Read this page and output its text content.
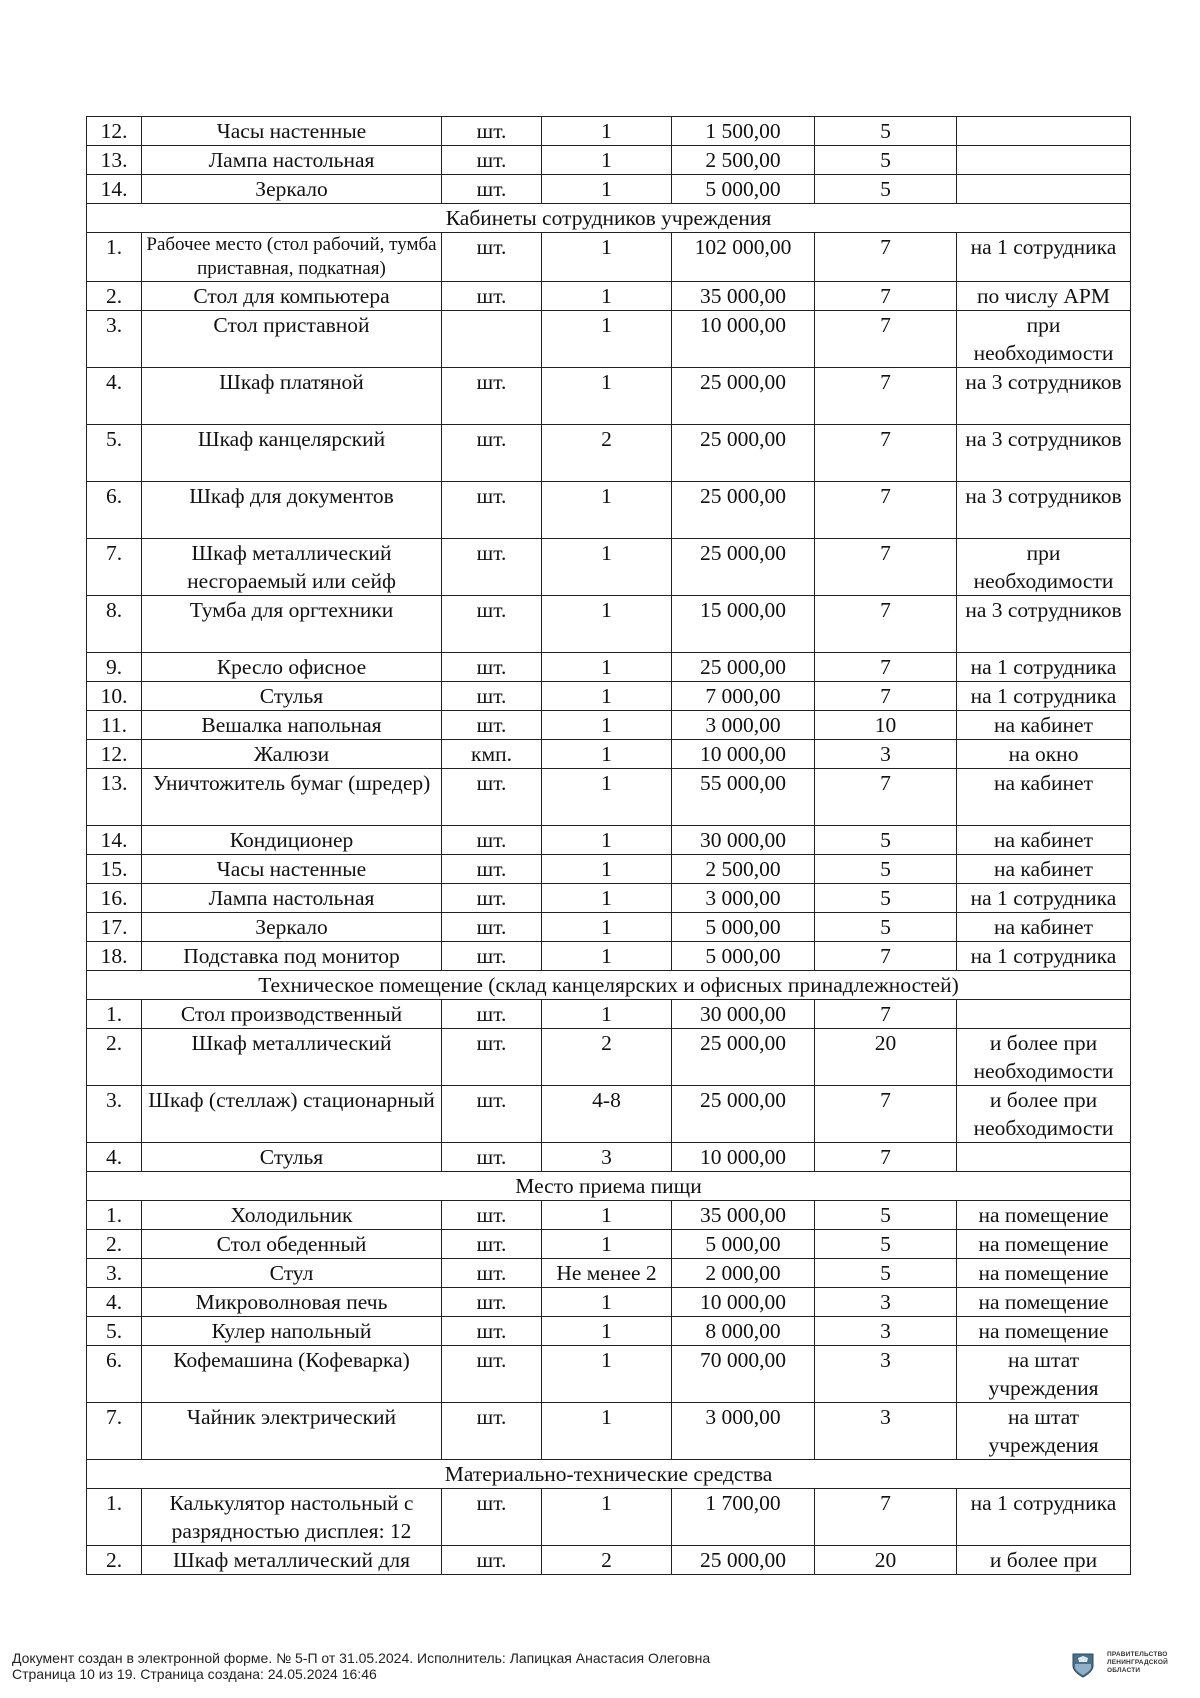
12.	Часы настенные	шт.	1	1 500,00	5	
13.	Лампа настольная	шт.	1	2 500,00	5	
14.	Зеркало	шт.	1	5 000,00	5	
Кабинеты сотрудников учреждения						
1.	Рабочее место (стол рабочий, тумба приставная, подкатная)	шт.	1	102 000,00	7	на 1 сотрудника
2.	Стол для компьютера	шт.	1	35 000,00	7	по числу АРМ
3.	Стол приставной		1	10 000,00	7	при необходимости
4.	Шкаф платяной	шт.	1	25 000,00	7	на 3 сотрудников
5.	Шкаф канцелярский	шт.	2	25 000,00	7	на 3 сотрудников
6.	Шкаф для документов	шт.	1	25 000,00	7	на 3 сотрудников
7.	Шкаф металлический несгораемый или сейф	шт.	1	25 000,00	7	при необходимости
8.	Тумба для оргтехники	шт.	1	15 000,00	7	на 3 сотрудников
9.	Кресло офисное	шт.	1	25 000,00	7	на 1 сотрудника
10.	Стулья	шт.	1	7 000,00	7	на 1 сотрудника
11.	Вешалка напольная	шт.	1	3 000,00	10	на кабинет
12.	Жалюзи	кмп.	1	10 000,00	3	на окно
13.	Уничтожитель бумаг (шредер)	шт.	1	55 000,00	7	на кабинет
14.	Кондиционер	шт.	1	30 000,00	5	на кабинет
15.	Часы настенные	шт.	1	2 500,00	5	на кабинет
16.	Лампа настольная	шт.	1	3 000,00	5	на 1 сотрудника
17.	Зеркало	шт.	1	5 000,00	5	на кабинет
18.	Подставка под монитор	шт.	1	5 000,00	7	на 1 сотрудника
Техническое помещение (склад канцелярских и офисных принадлежностей)						
1.	Стол производственный	шт.	1	30 000,00	7	
2.	Шкаф металлический	шт.	2	25 000,00	20	и более при необходимости
3.	Шкаф (стеллаж) стационарный	шт.	4-8	25 000,00	7	и более при необходимости
4.	Стулья	шт.	3	10 000,00	7	
Место приема пищи						
1.	Холодильник	шт.	1	35 000,00	5	на помещение
2.	Стол обеденный	шт.	1	5 000,00	5	на помещение
3.	Стул	шт.	Не менее 2	2 000,00	5	на помещение
4.	Микроволновая печь	шт.	1	10 000,00	3	на помещение
5.	Кулер напольный	шт.	1	8 000,00	3	на помещение
6.	Кофемашина (Кофеварка)	шт.	1	70 000,00	3	на штат учреждения
7.	Чайник электрический	шт.	1	3 000,00	3	на штат учреждения
Материально-технические средства						
1.	Калькулятор настольный с разрядностью дисплея: 12	шт.	1	1 700,00	7	на 1 сотрудника
2.	Шкаф металлический для	шт.	2	25 000,00	20	и более при
Документ создан в электронной форме. № 5-П от 31.05.2024. Исполнитель: Лапицкая Анастасия Олеговна
Страница 10 из 19. Страница создана: 24.05.2024 16:46
ПРАВИТЕЛЬСТВО ЛЕНИНГРАДСКОЙ ОБЛАСТИ
